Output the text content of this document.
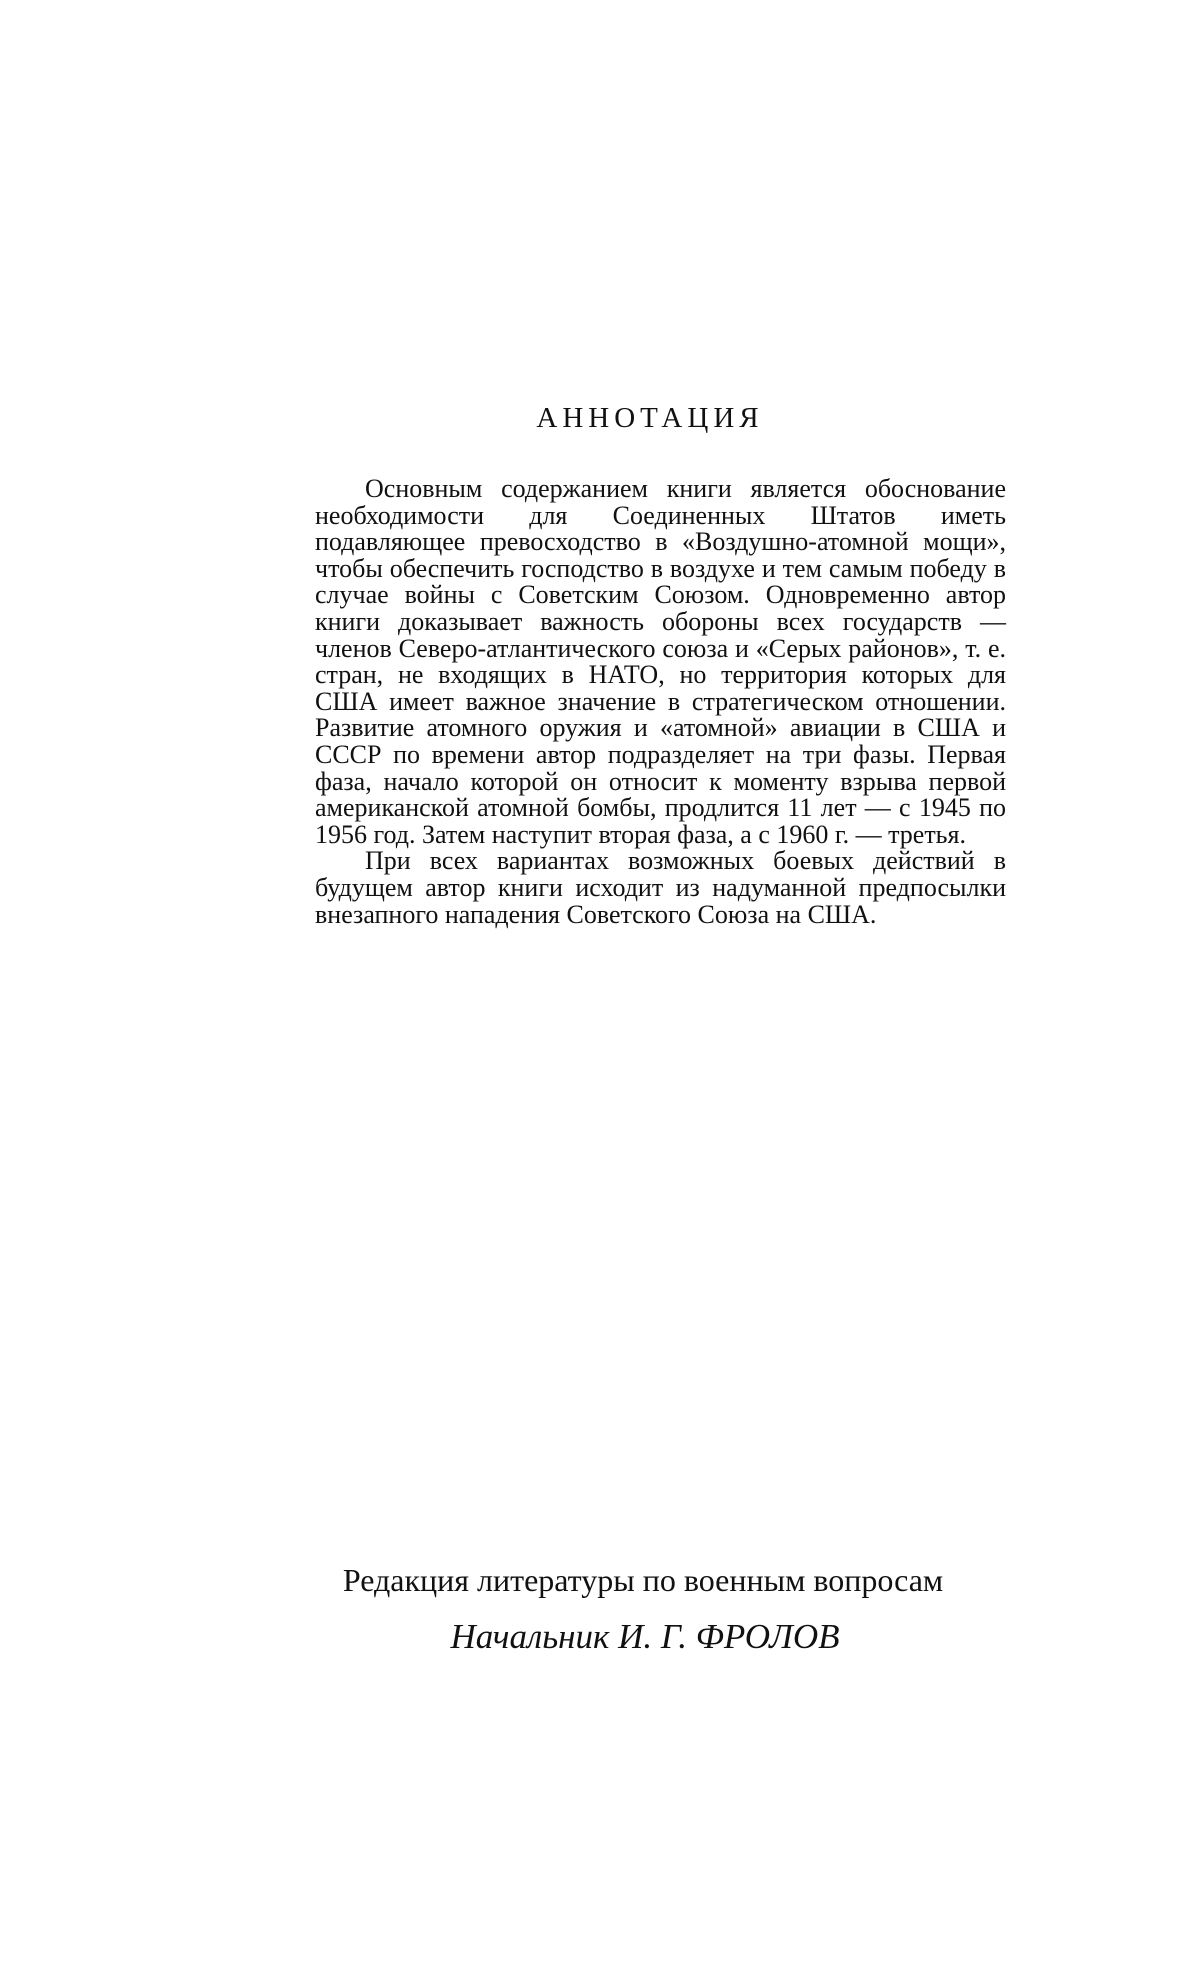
АННОТАЦИЯ

Основным содержанием книги является обоснование необходимости для Соединенных Штатов иметь подавляющее превосходство в «Воздушно-атомной мощи», чтобы обеспечить господство в воздухе и тем самым победу в случае войны с Советским Союзом. Одновременно автор книги доказывает важность обороны всех государств — членов Северо-атлантического союза и «Серых районов», т. е. стран, не входящих в НАТО, но территория которых для США имеет важное значение в стратегическом отношении. Развитие атомного оружия и «атомной» авиации в США и СССР по времени автор подразделяет на три фазы. Первая фаза, начало которой он относит к моменту взрыва первой американской атомной бомбы, продлится 11 лет — с 1945 по 1956 год. Затем наступит вторая фаза, а с 1960 г. — третья.

При всех вариантах возможных боевых действий в будущем автор книги исходит из надуманной предпосылки внезапного нападения Советского Союза на США.

Редакция литературы по военным вопросам

Начальник И. Г. ФРОЛОВ
